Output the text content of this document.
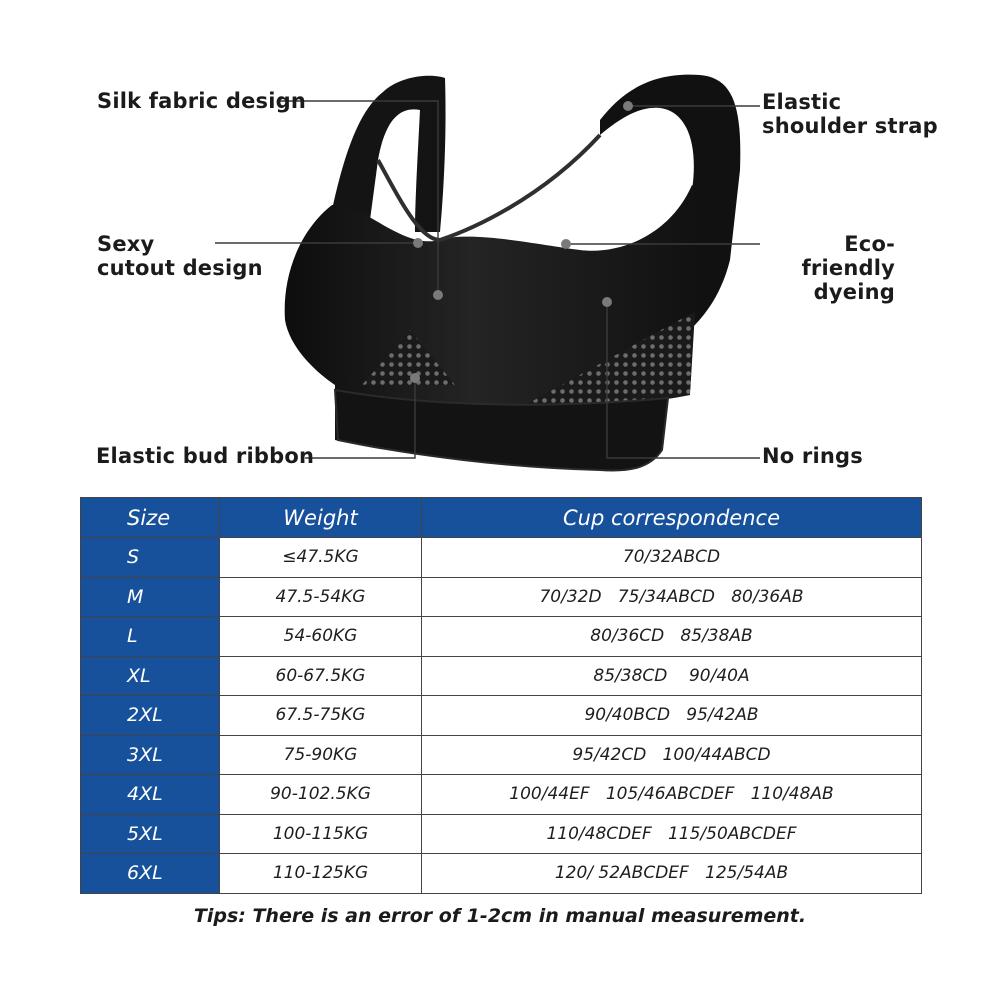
Silk fabric design
Sexy
cutout design
Elastic bud ribbon
Elastic
shoulder strap
Eco-friendly
dyeing
No rings
Size	Weight	Cup correspondence
S	≤47.5KG	70/32ABCD
M	47.5-54KG	70/32D   75/34ABCD   80/36AB
L	54-60KG	80/36CD   85/38AB
XL	60-67.5KG	85/38CD    90/40A
2XL	67.5-75KG	90/40BCD   95/42AB
3XL	75-90KG	95/42CD   100/44ABCD
4XL	90-102.5KG	100/44EF   105/46ABCDEF   110/48AB
5XL	100-115KG	110/48CDEF   115/50ABCDEF
6XL	110-125KG	120/ 52ABCDEF   125/54AB
Tips: There is an error of 1-2cm in manual measurement.
